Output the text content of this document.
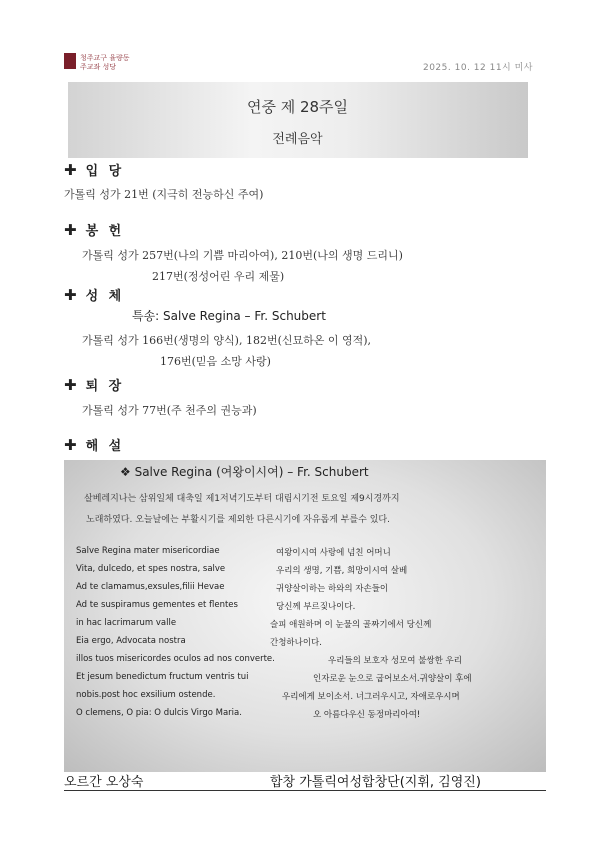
청주교구 율량동
주교좌 성당	2025. 10. 12 11시 미사
연중 제 28주일
전례음악
✚ 입 당
가톨릭 성가 21번 (지극히 전능하신 주여)
✚ 봉 헌
가톨릭 성가 257번(나의 기쁨 마리아여), 210번(나의 생명 드리니)
217번(정성어린 우리 제물)
✚ 성 체
특송: Salve Regina – Fr. Schubert
가톨릭 성가 166번(생명의 양식), 182번(신묘하온 이 영적),
176번(믿음 소망 사랑)
✚ 퇴 장
가톨릭 성가 77번(주 천주의 권능과)
✚ 해 설
❖ Salve Regina (여왕이시여) – Fr. Schubert
살베레지나는 삼위일체 대축일 제1저녁기도부터 대림시기전 토요일 제9시경까지
노래하였다. 오늘날에는 부활시기를 제외한 다른시기에 자유롭게 부를수 있다.
Salve Regina mater misericordiae	여왕이시여 사랑에 넘친 어머니
Vita, dulcedo, et spes nostra, salve	우리의 생명, 기쁨, 희망이시여 살베
Ad te clamamus,exsules,filii Hevae	귀양살이하는 하와의 자손들이
Ad te suspiramus gementes et flentes	당신께 부르짖나이다.
in hac lacrimarum valle	슬피 애원하며 이 눈물의 골짜기에서 당신께
Eia ergo, Advocata nostra	간청하나이다.
illos tuos misericordes oculos ad nos converte.	우리들의 보호자 성모여 불쌍한 우리
Et jesum benedictum fructum ventris tui	인자로운 눈으로 굽어보소서.귀양살이 후에
nobis.post hoc exsilium ostende.	우리에게 보이소서. 너그러우시고, 자애로우시며
O clemens, O pia: O dulcis Virgo Maria.	오 아름다우신 동정마리아여!
오르간 오상숙	합창 가톨릭여성합창단(지휘, 김영진)
